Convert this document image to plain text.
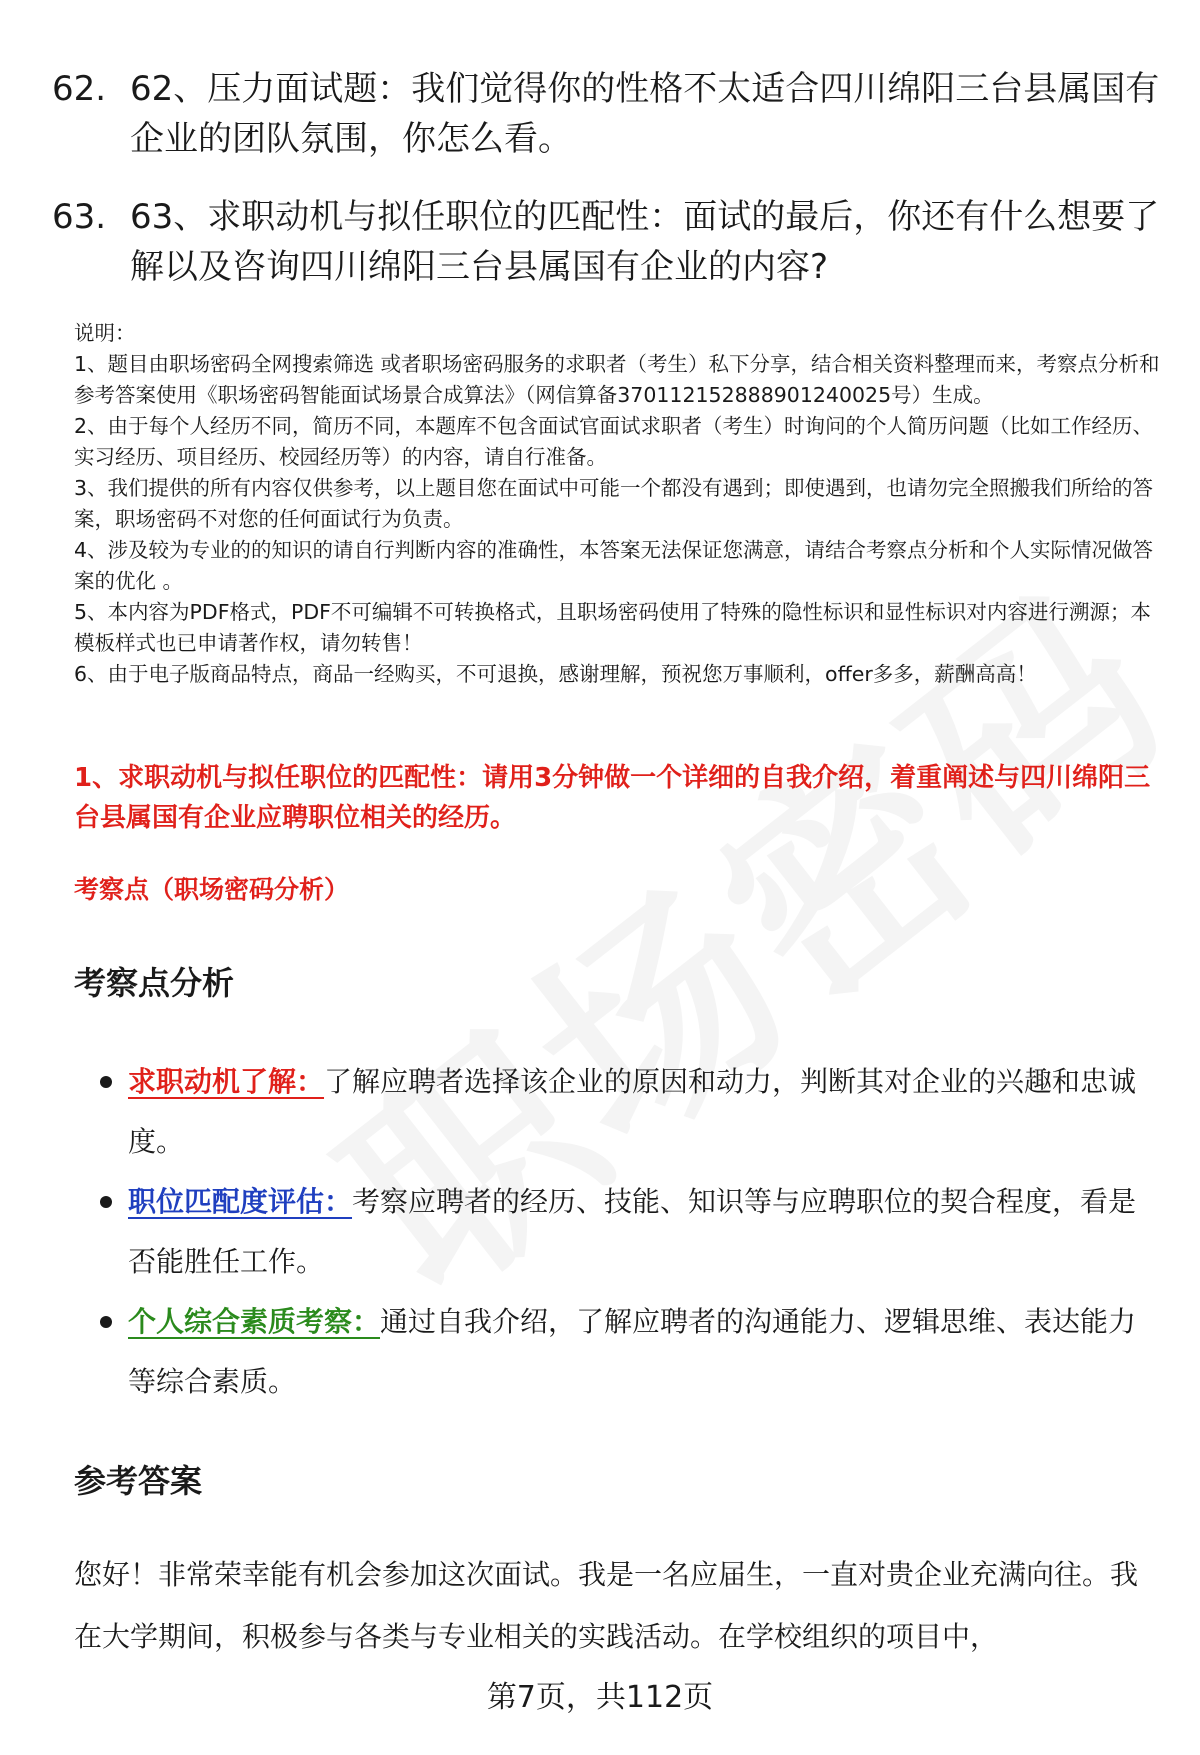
62. 62、压力面试题：我们觉得你的性格不太适合四川绵阳三台县属国有企业的团队氛围，你怎么看。
63. 63、求职动机与拟任职位的匹配性：面试的最后，你还有什么想要了解以及咨询四川绵阳三台县属国有企业的内容?

说明：

1、题目由职场密码全网搜索筛选 或者职场密码服务的求职者（考生）私下分享，结合相关资料整理而来，考察点分析和参考答案使用《职场密码智能面试场景合成算法》（网信算备370112152888901240025号）生成。

2、由于每个人经历不同，简历不同，本题库不包含面试官面试求职者（考生）时询问的个人简历问题（比如工作经历、实习经历、项目经历、校园经历等）的内容，请自行准备。

3、我们提供的所有内容仅供参考，以上题目您在面试中可能一个都没有遇到；即使遇到，也请勿完全照搬我们所给的答案，职场密码不对您的任何面试行为负责。

4、涉及较为专业的的知识的请自行判断内容的准确性，本答案无法保证您满意，请结合考察点分析和个人实际情况做答案的优化 。

5、本内容为PDF格式，PDF不可编辑不可转换格式，且职场密码使用了特殊的隐性标识和显性标识对内容进行溯源；本模板样式也已申请著作权，请勿转售！

6、由于电子版商品特点，商品一经购买，不可退换，感谢理解，预祝您万事顺利，offer多多，薪酬高高！

1、求职动机与拟任职位的匹配性：请用3分钟做一个详细的自我介绍，着重阐述与四川绵阳三台县属国有企业应聘职位相关的经历。
考察点（职场密码分析）
考察点分析
求职动机了解：了解应聘者选择该企业的原因和动力，判断其对企业的兴趣和忠诚度。
职位匹配度评估：考察应聘者的经历、技能、知识等与应聘职位的契合程度，看是否能胜任工作。
个人综合素质考察：通过自我介绍，了解应聘者的沟通能力、逻辑思维、表达能力等综合素质。
参考答案

您好！非常荣幸能有机会参加这次面试。我是一名应届生，一直对贵企业充满向往。我在大学期间，积极参与各类与专业相关的实践活动。在学校组织的项目中，

第7页，共112页
